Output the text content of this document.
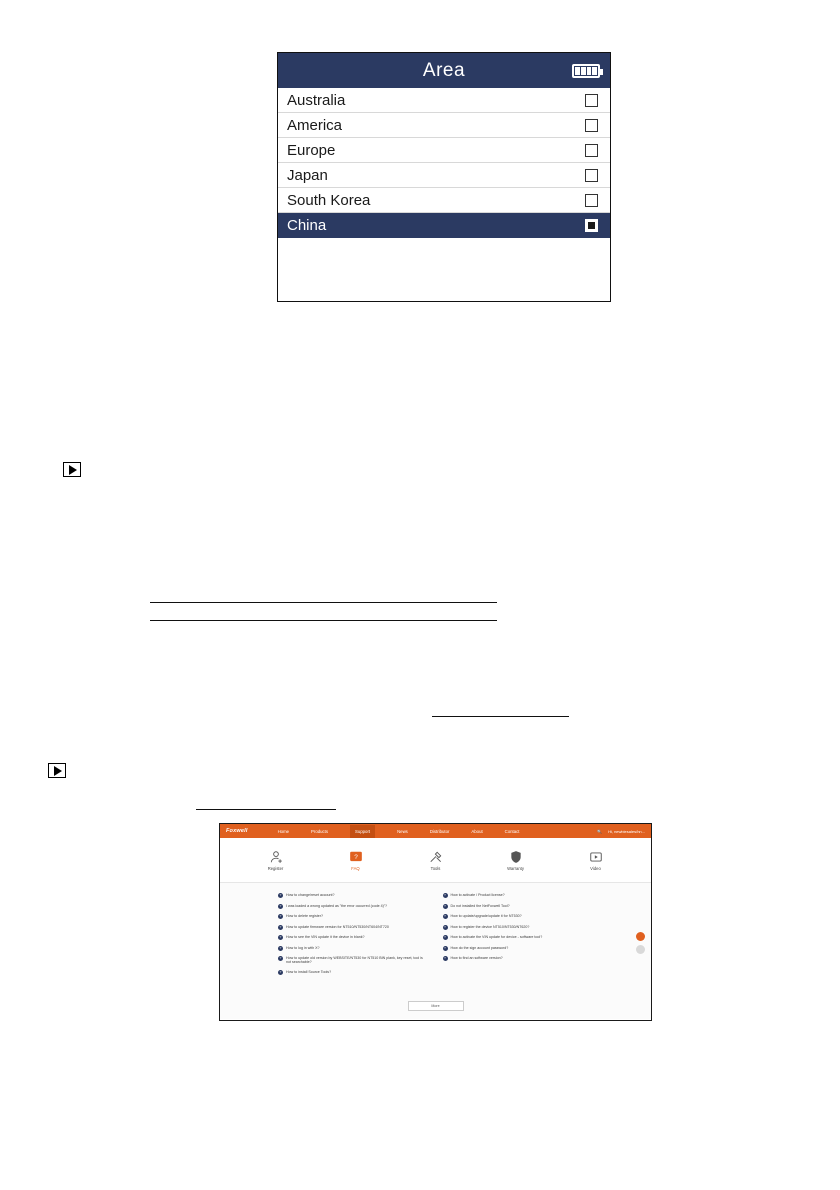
Area
Australia
America
Europe
Japan
South Korea
China
Foxwell	Home	Products	Support	News	Distributor	About	Contact	🔍 Hi, newbiesales/hn...
Register
?
FAQ	Tools	Warranty	Video
?	How to change/reset account?
?	I was loaded a wrong updated as "the error occurred (code 4)"?
?	How to delete register?
?	How to update firmware version for NT510/NT530/NT604/NT720
?	How to see the VIN update it the device in blank?
?	How to log in with X?
?	How to update old version by WEBSITE/NT530 for NT510 BIN plank, key reset, tool is not searchable?
?	How to install Source Tools?
?	How to activate / Product license?
?	Do not installed the NetFoxwell Tool?
?	How to update/upgrade/update it for NT530?
?	How to register the device NT510/NT530/NT620?
?	How to activate the VIN update for device - software tool?
?	How do the sign account password?
?	How to find an software version?
More
